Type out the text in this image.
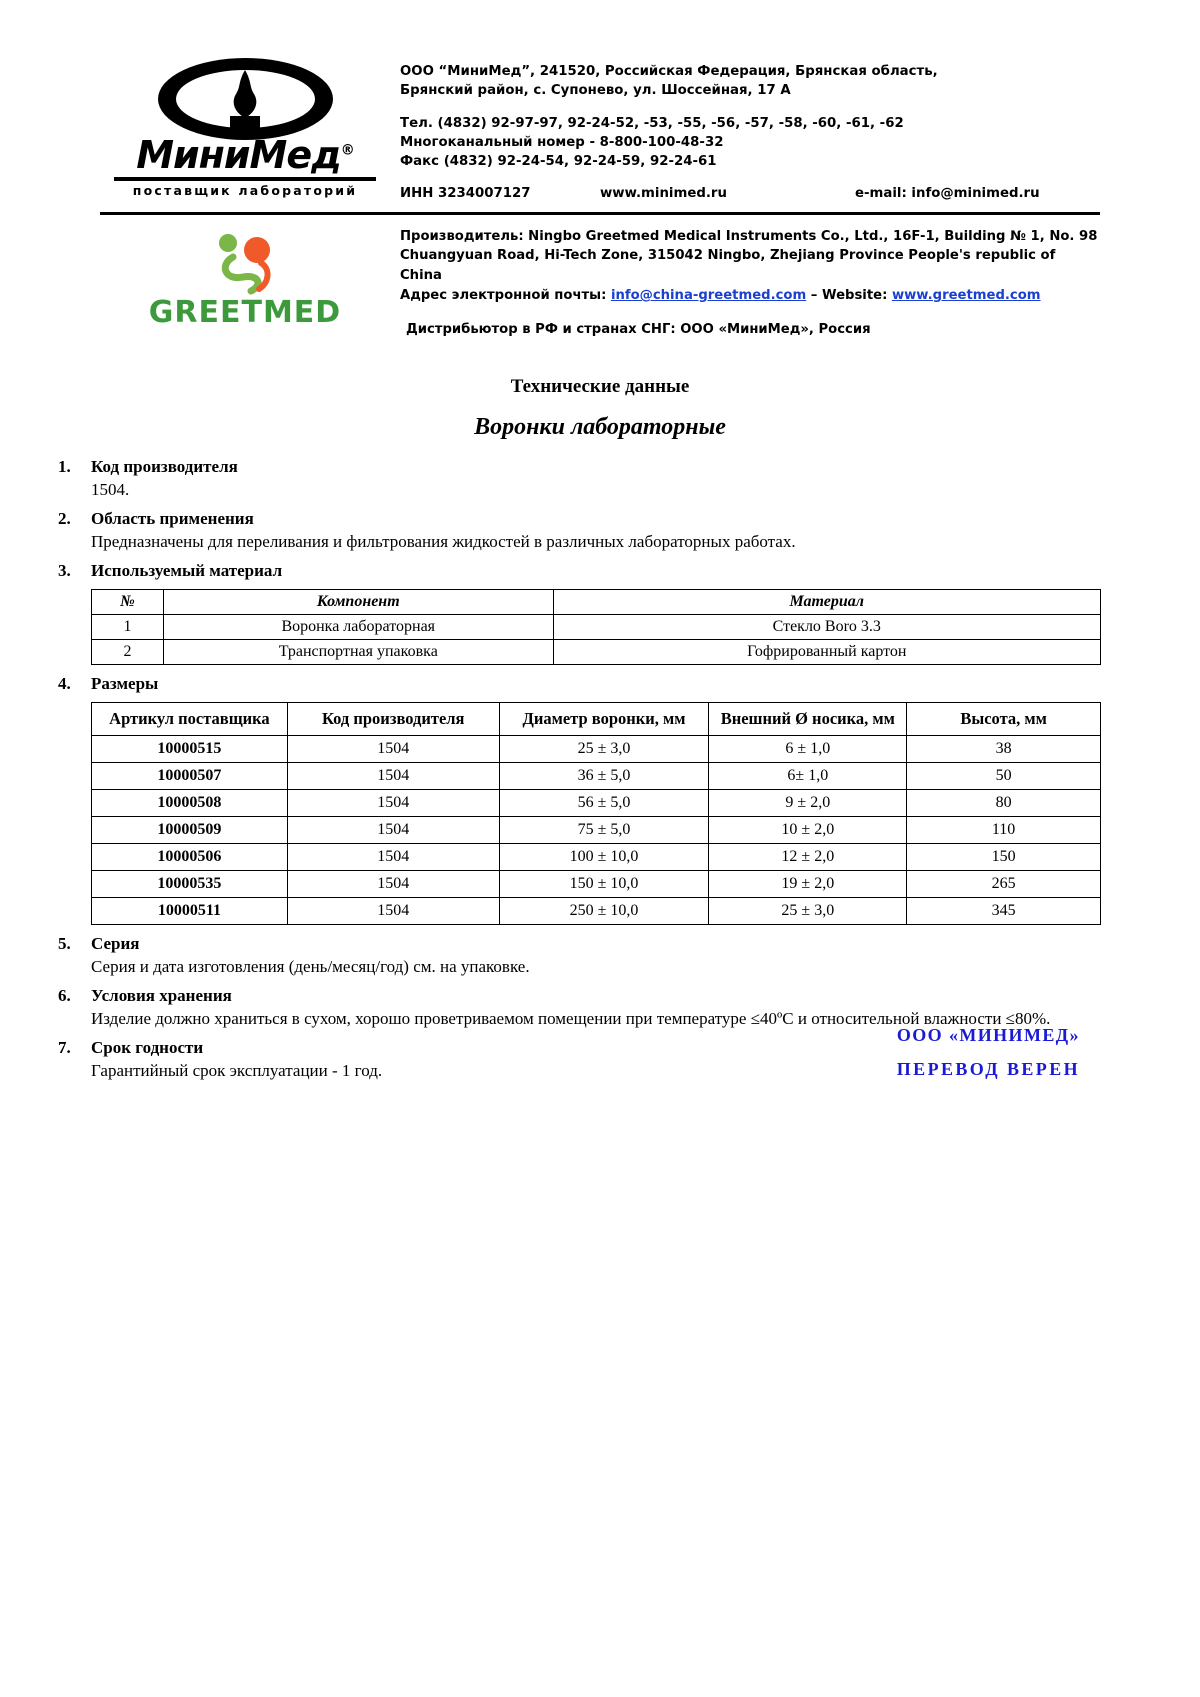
МиниМед®
поставщик лабораторий
ООО “МиниМед”, 241520, Российская Федерация, Брянская область,
Брянский район, с. Супонево, ул. Шоссейная, 17 А
Тел. (4832) 92-97-97, 92-24-52, -53, -55, -56, -57, -58, -60, -61, -62
Многоканальный номер - 8-800-100-48-32
Факс (4832) 92-24-54, 92-24-59, 92-24-61
ИНН 3234007127	www.minimed.ru	e-mail: info@minimed.ru
GREETMED
Производитель: Ningbo Greetmed Medical Instruments Co., Ltd., 16F-1, Building № 1, No. 98
Chuangyuan Road, Hi-Tech Zone, 315042 Ningbo, Zhejiang Province People's republic of China
Адрес электронной почты: info@china-greetmed.com – Website: www.greetmed.com
Дистрибьютор в РФ и странах СНГ: ООО «МиниМед», Россия
Технические данные
Воронки лабораторные
1.	Код производителя
1504.
2.	Область применения
Предназначены для переливания и фильтрования жидкостей в различных лабораторных работах.
3.	Используемый материал
№	Компонент	Материал
1	Воронка лабораторная	Стекло Boro 3.3
2	Транспортная упаковка	Гофрированный картон
4.	Размеры
Артикул поставщика	Код производителя	Диаметр воронки, мм	Внешний Ø носика, мм	Высота, мм
10000515	1504	25 ± 3,0	6 ± 1,0	38
10000507	1504	36 ± 5,0	6± 1,0	50
10000508	1504	56 ± 5,0	9 ± 2,0	80
10000509	1504	75 ± 5,0	10 ± 2,0	110
10000506	1504	100 ± 10,0	12 ± 2,0	150
10000535	1504	150 ± 10,0	19 ± 2,0	265
10000511	1504	250 ± 10,0	25 ± 3,0	345
5.	Серия
Серия и дата изготовления (день/месяц/год) см. на упаковке.
6.	Условия хранения
Изделие должно храниться в сухом, хорошо проветриваемом помещении при температуре ≤40ºС и относительной влажности ≤80%.
7.	Срок годности
Гарантийный срок эксплуатации - 1 год.
ООО «МИНИМЕД»
ПЕРЕВОД ВЕРЕН
